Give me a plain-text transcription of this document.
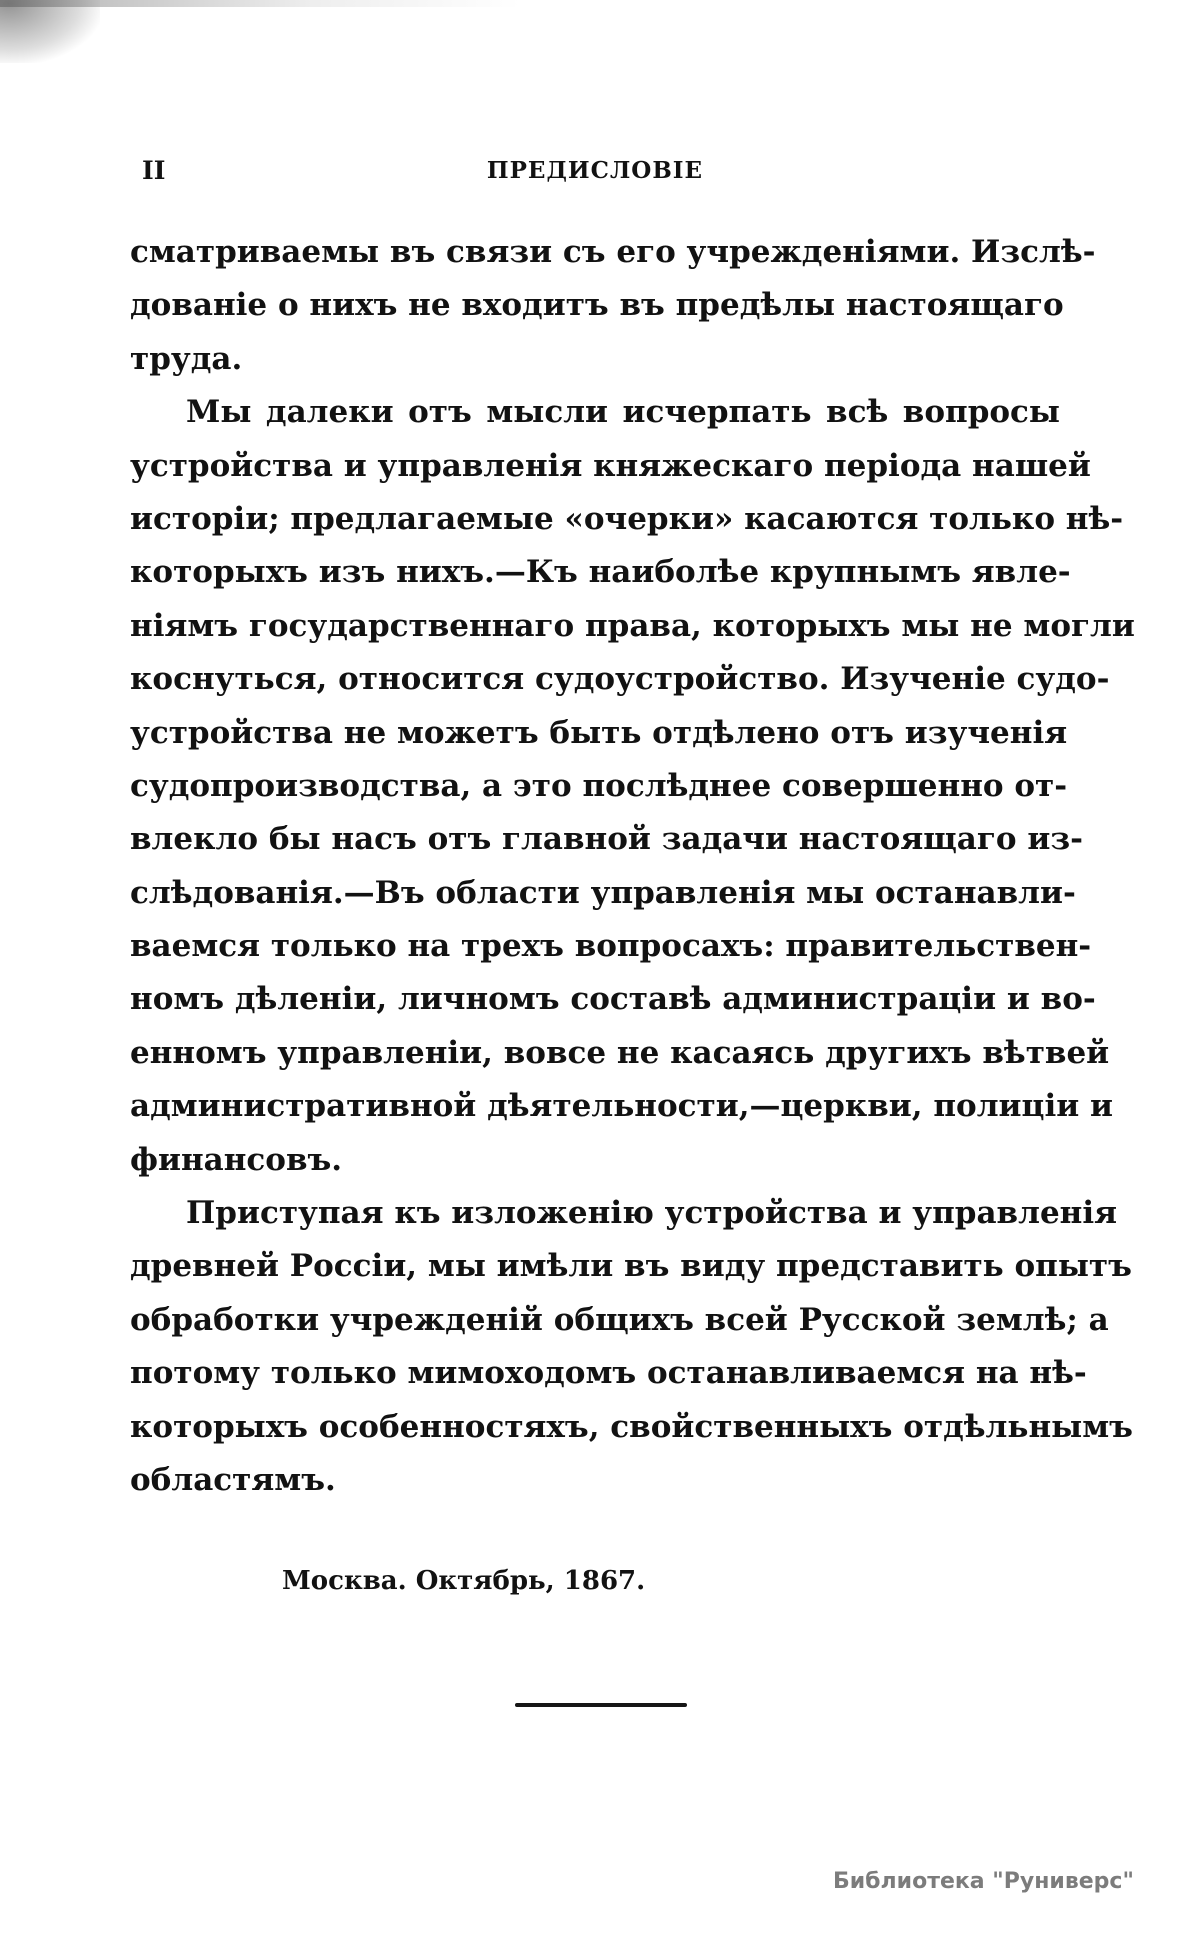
II	ПРЕДИСЛОВІЕ
сматриваемы въ связи съ его учрежденіями. Изслѣ-
дованіе о нихъ не входитъ въ предѣлы настоящаго
труда.
Мы далеки отъ мысли исчерпать всѣ вопросы
устройства и управленія княжескаго періода нашей
исторіи; предлагаемые «очерки» касаются только нѣ-
которыхъ изъ нихъ.—Къ наиболѣе крупнымъ явле-
ніямъ государственнаго права, которыхъ мы не могли
коснуться, относится судоустройство. Изученіе судо-
устройства не можетъ быть отдѣлено отъ изученія
судопроизводства, а это послѣднее совершенно от-
влекло бы насъ отъ главной задачи настоящаго из-
слѣдованія.—Въ области управленія мы останавли-
ваемся только на трехъ вопросахъ: правительствен-
номъ дѣленіи, личномъ составѣ администраціи и во-
енномъ управленіи, вовсе не касаясь другихъ вѣтвей
административной дѣятельности,—церкви, полиціи и
финансовъ.
Приступая къ изложенію устройства и управленія
древней Россіи, мы имѣли въ виду представить опытъ
обработки учрежденій общихъ всей Русской землѣ; а
потому только мимоходомъ останавливаемся на нѣ-
которыхъ особенностяхъ, свойственныхъ отдѣльнымъ
областямъ.
Москва. Октябрь, 1867.
Библиотека "Руниверс"
